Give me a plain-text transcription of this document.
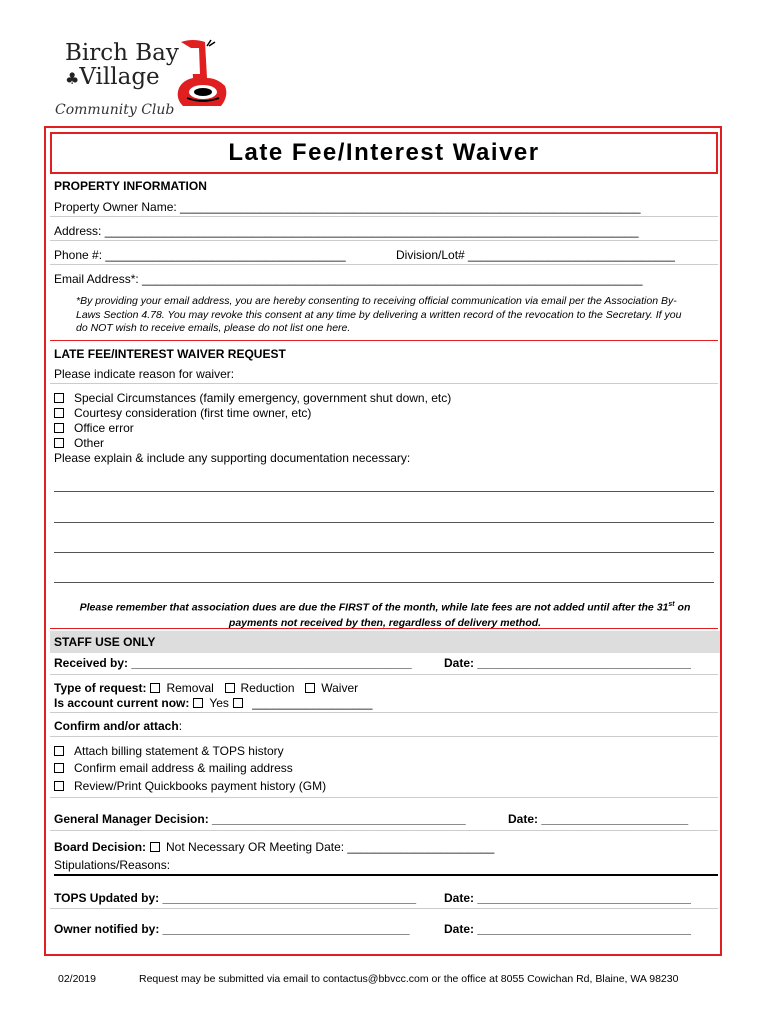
Birch Bay
♣Village
Community Club
Late Fee/Interest Waiver
PROPERTY INFORMATION
Property Owner Name: _____________________________________________________________________
Address: ________________________________________________________________________________
Phone #: ____________________________________	Division/Lot# _______________________________
Email Address*: ___________________________________________________________________________
*By providing your email address, you are hereby consenting to receiving official communication via email per the Association By-Laws Section 4.78. You may revoke this consent at any time by delivering a written record of the revocation to the Secretary. If you do NOT wish to receive emails, please do not list one here.
LATE FEE/INTEREST WAIVER REQUEST
Please indicate reason for waiver:
Special Circumstances (family emergency, government shut down, etc)
Courtesy consideration (first time owner, etc)
Office error
Other
Please explain & include any supporting documentation necessary:
Please remember that association dues are due the FIRST of the month, while late fees are not added until after the 31st on
payments not received by then, regardless of delivery method.
STAFF USE ONLY
Received by: __________________________________________	Date: ________________________________
Type of request: Removal Reduction Waiver
Is account current now: Yes __________________
Confirm and/or attach:
Attach billing statement & TOPS history
Confirm email address & mailing address
Review/Print Quickbooks payment history (GM)
General Manager Decision: ______________________________________	Date: ______________________
Board Decision: Not Necessary OR Meeting Date: ______________________
Stipulations/Reasons:
TOPS Updated by: ______________________________________ Date: ________________________________
Owner notified by: _____________________________________	Date: ________________________________
02/2019	Request may be submitted via email to contactus@bbvcc.com or the office at 8055 Cowichan Rd, Blaine, WA 98230
